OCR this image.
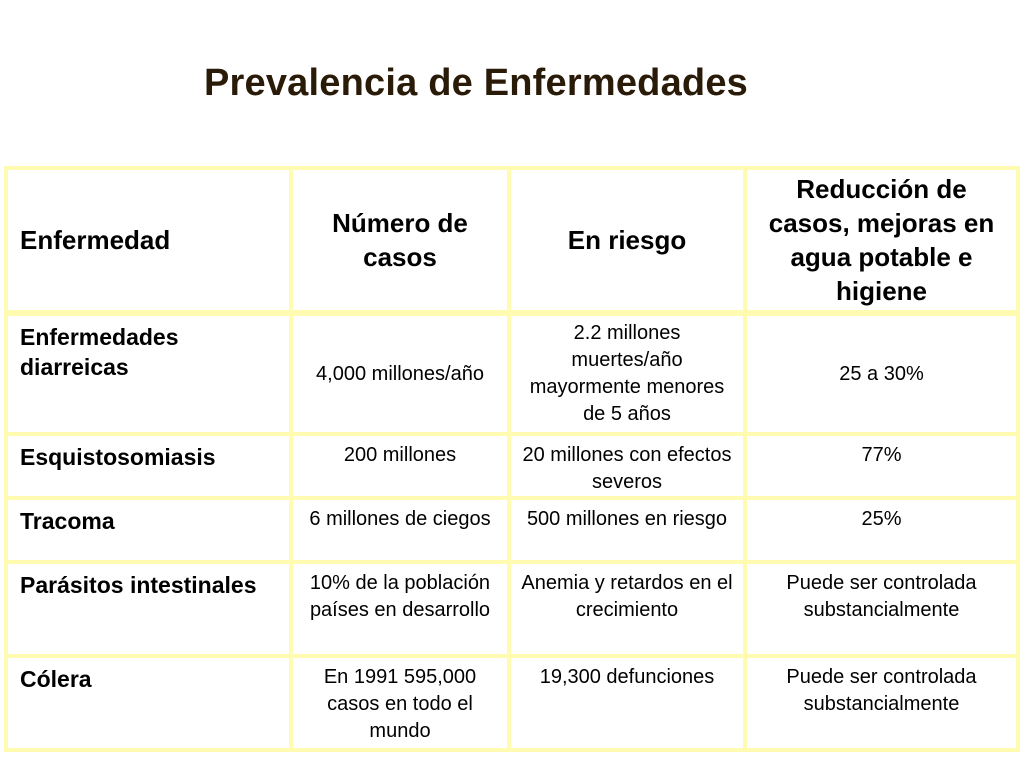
Prevalencia de Enfermedades
Enfermedad	Número de casos	En riesgo	Reducción de casos, mejoras en agua potable e higiene
Enfermedades diarreicas	4,000 millones/año	2.2 millones muertes/año mayormente menores de 5 años	25 a 30%
Esquistosomiasis	200 millones	20 millones con efectos severos	77%
Tracoma	6 millones de ciegos	500 millones en riesgo	25%
Parásitos intestinales	10% de la población países en desarrollo	Anemia y retardos en el crecimiento	Puede ser controlada substancialmente
Cólera	En 1991 595,000 casos en todo el mundo	19,300 defunciones	Puede ser controlada substancialmente
